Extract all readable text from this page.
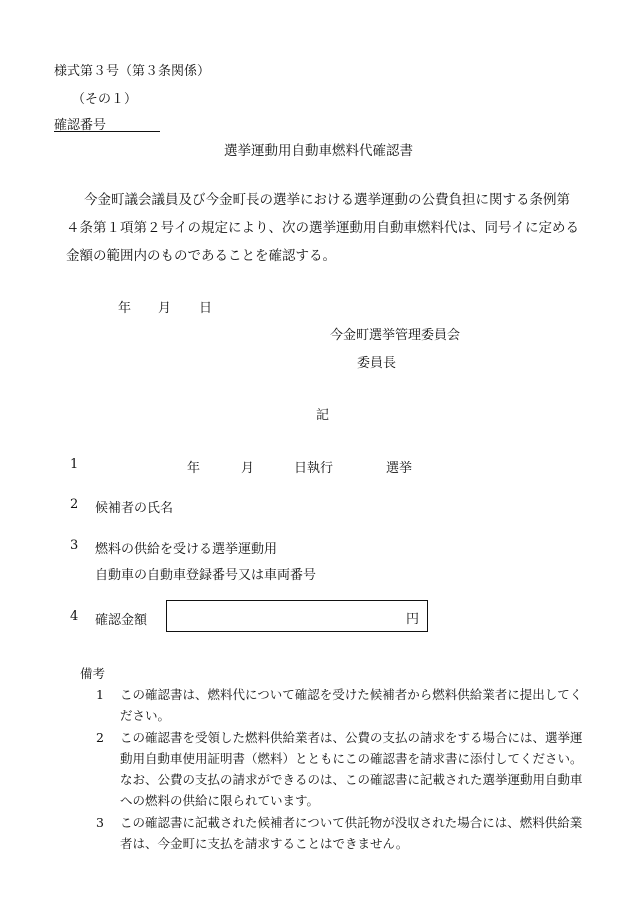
様式第３号（第３条関係）
（その１）
確認番号
選挙運動用自動車燃料代確認書
今金町議会議員及び今金町長の選挙における選挙運動の公費負担に関する条例第４条第１項第２号イの規定により、次の選挙運動用自動車燃料代は、同号イに定める金額の範囲内のものであることを確認する。
年 月 日
今金町選挙管理委員会
委員長
記
1	年	月	日執行	選挙
2 候補者の氏名
3 燃料の供給を受ける選挙運動用
自動車の自動車登録番号又は車両番号
4 確認金額	円
備考
1	この確認書は、燃料代について確認を受けた候補者から燃料供給業者に提出してください。
2	この確認書を受領した燃料供給業者は、公費の支払の請求をする場合には、選挙運動用自動車使用証明書（燃料）とともにこの確認書を請求書に添付してください。なお、公費の支払の請求ができるのは、この確認書に記載された選挙運動用自動車への燃料の供給に限られています。
3	この確認書に記載された候補者について供託物が没収された場合には、燃料供給業者は、今金町に支払を請求することはできません。
